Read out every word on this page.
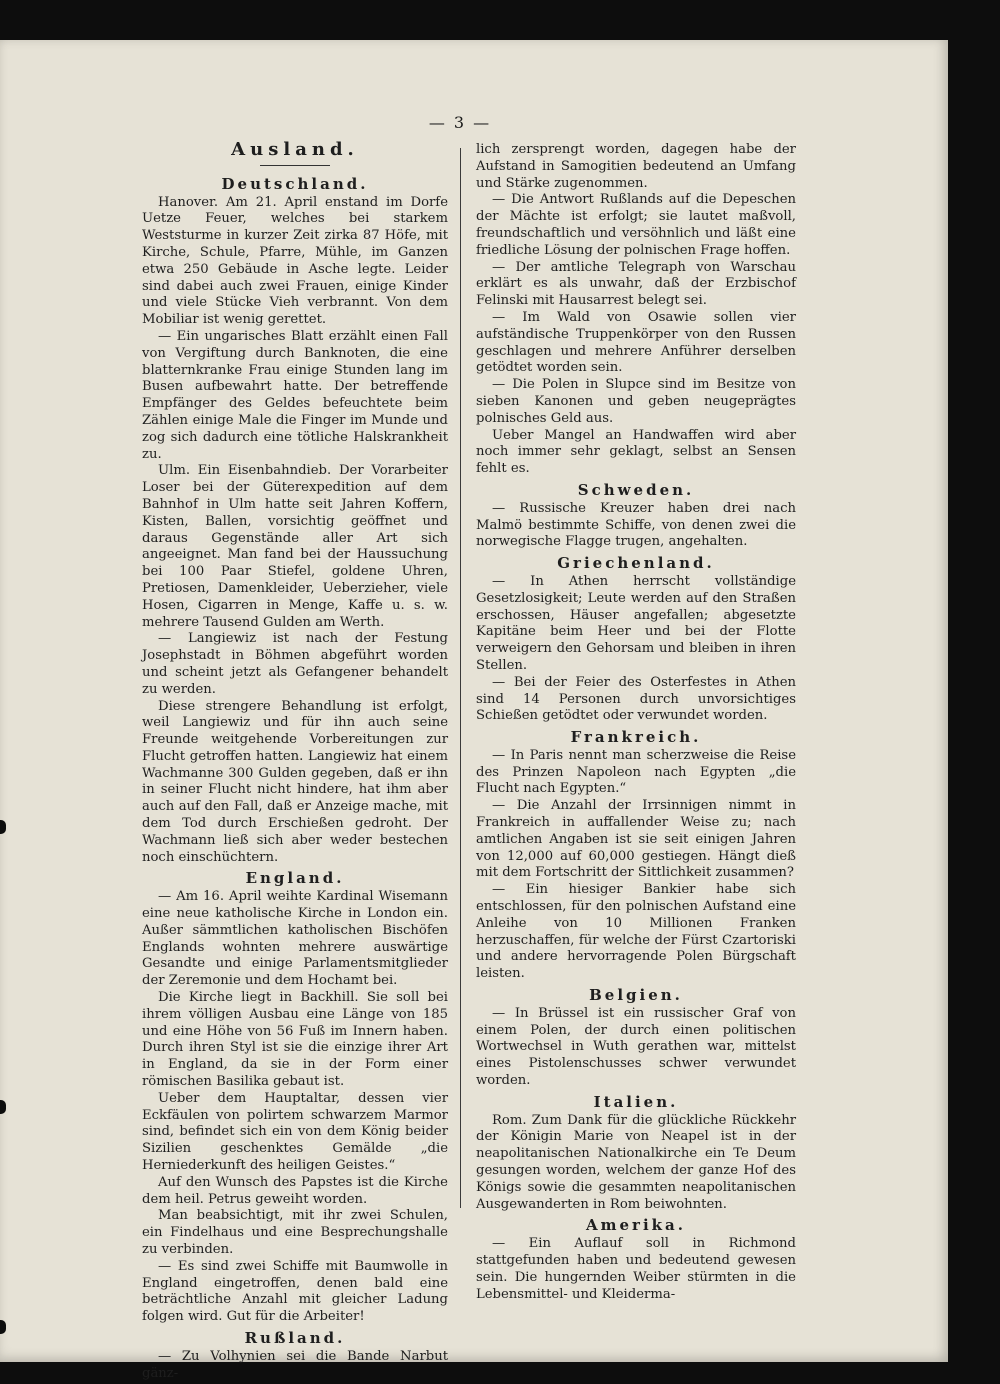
— 3 —
Ausland.
Deutschland.

Hanover. Am 21. April enstand im Dorfe Uetze Feuer, welches bei starkem Weststurme in kurzer Zeit zirka 87 Höfe, mit Kirche, Schule, Pfarre, Mühle, im Ganzen etwa 250 Gebäude in Asche legte. Leider sind dabei auch zwei Frauen, einige Kinder und viele Stücke Vieh verbrannt. Von dem Mobiliar ist wenig gerettet.

— Ein ungarisches Blatt erzählt einen Fall von Vergiftung durch Banknoten, die eine blatternkranke Frau einige Stunden lang im Busen aufbewahrt hatte. Der betreffende Empfänger des Geldes befeuchtete beim Zählen einige Male die Finger im Munde und zog sich dadurch eine tötliche Halskrankheit zu.

Ulm. Ein Eisenbahndieb. Der Vorarbeiter Loser bei der Güterexpedition auf dem Bahnhof in Ulm hatte seit Jahren Koffern, Kisten, Ballen, vorsichtig geöffnet und daraus Gegenstände aller Art sich angeeignet. Man fand bei der Haussuchung bei 100 Paar Stiefel, goldene Uhren, Pretiosen, Damenkleider, Ueberzieher, viele Hosen, Cigarren in Menge, Kaffe u. s. w. mehrere Tausend Gulden am Werth.

— Langiewiz ist nach der Festung Josephstadt in Böhmen abgeführt worden und scheint jetzt als Gefangener behandelt zu werden.

Diese strengere Behandlung ist erfolgt, weil Langiewiz und für ihn auch seine Freunde weitgehende Vorbereitungen zur Flucht getroffen hatten. Langiewiz hat einem Wachmanne 300 Gulden gegeben, daß er ihn in seiner Flucht nicht hindere, hat ihm aber auch auf den Fall, daß er Anzeige mache, mit dem Tod durch Erschießen gedroht. Der Wachmann ließ sich aber weder bestechen noch einschüchtern.

England.

— Am 16. April weihte Kardinal Wisemann eine neue katholische Kirche in London ein. Außer sämmtlichen katholischen Bischöfen Englands wohnten mehrere auswärtige Gesandte und einige Parlamentsmitglieder der Zeremonie und dem Hochamt bei.

Die Kirche liegt in Backhill. Sie soll bei ihrem völligen Ausbau eine Länge von 185 und eine Höhe von 56 Fuß im Innern haben. Durch ihren Styl ist sie die einzige ihrer Art in England, da sie in der Form einer römischen Basilika gebaut ist.

Ueber dem Hauptaltar, dessen vier Eckfäulen von polirtem schwarzem Marmor sind, befindet sich ein von dem König beider Sizilien geschenktes Gemälde „die Herniederkunft des heiligen Geistes.“

Auf den Wunsch des Papstes ist die Kirche dem heil. Petrus geweiht worden.

Man beabsichtigt, mit ihr zwei Schulen, ein Findelhaus und eine Besprechungshalle zu verbinden.

— Es sind zwei Schiffe mit Baumwolle in England eingetroffen, denen bald eine beträchtliche Anzahl mit gleicher Ladung folgen wird. Gut für die Arbeiter!

Rußland.

— Zu Volhynien sei die Bande Narbut gänz-

lich zersprengt worden, dagegen habe der Aufstand in Samogitien bedeutend an Umfang und Stärke zugenommen.

— Die Antwort Rußlands auf die Depeschen der Mächte ist erfolgt; sie lautet maßvoll, freundschaftlich und versöhnlich und läßt eine friedliche Lösung der polnischen Frage hoffen.

— Der amtliche Telegraph von Warschau erklärt es als unwahr, daß der Erzbischof Felinski mit Hausarrest belegt sei.

— Im Wald von Osawie sollen vier aufständische Truppenkörper von den Russen geschlagen und mehrere Anführer derselben getödtet worden sein.

— Die Polen in Slupce sind im Besitze von sieben Kanonen und geben neugeprägtes polnisches Geld aus.

Ueber Mangel an Handwaffen wird aber noch immer sehr geklagt, selbst an Sensen fehlt es.

Schweden.

— Russische Kreuzer haben drei nach Malmö bestimmte Schiffe, von denen zwei die norwegische Flagge trugen, angehalten.

Griechenland.

— In Athen herrscht vollständige Gesetzlosigkeit; Leute werden auf den Straßen erschossen, Häuser angefallen; abgesetzte Kapitäne beim Heer und bei der Flotte verweigern den Gehorsam und bleiben in ihren Stellen.

— Bei der Feier des Osterfestes in Athen sind 14 Personen durch unvorsichtiges Schießen getödtet oder verwundet worden.

Frankreich.

— In Paris nennt man scherzweise die Reise des Prinzen Napoleon nach Egypten „die Flucht nach Egypten.“

— Die Anzahl der Irrsinnigen nimmt in Frankreich in auffallender Weise zu; nach amtlichen Angaben ist sie seit einigen Jahren von 12,000 auf 60,000 gestiegen. Hängt dieß mit dem Fortschritt der Sittlichkeit zusammen?

— Ein hiesiger Bankier habe sich entschlossen, für den polnischen Aufstand eine Anleihe von 10 Millionen Franken herzuschaffen, für welche der Fürst Czartoriski und andere hervorragende Polen Bürgschaft leisten.

Belgien.

— In Brüssel ist ein russischer Graf von einem Polen, der durch einen politischen Wortwechsel in Wuth gerathen war, mittelst eines Pistolenschusses schwer verwundet worden.

Italien.

Rom. Zum Dank für die glückliche Rückkehr der Königin Marie von Neapel ist in der neapolitanischen Nationalkirche ein Te Deum gesungen worden, welchem der ganze Hof des Königs sowie die gesammten neapolitanischen Ausgewanderten in Rom beiwohnten.

Amerika.

— Ein Auflauf soll in Richmond stattgefunden haben und bedeutend gewesen sein. Die hungernden Weiber stürmten in die Lebensmittel- und Kleiderma-
